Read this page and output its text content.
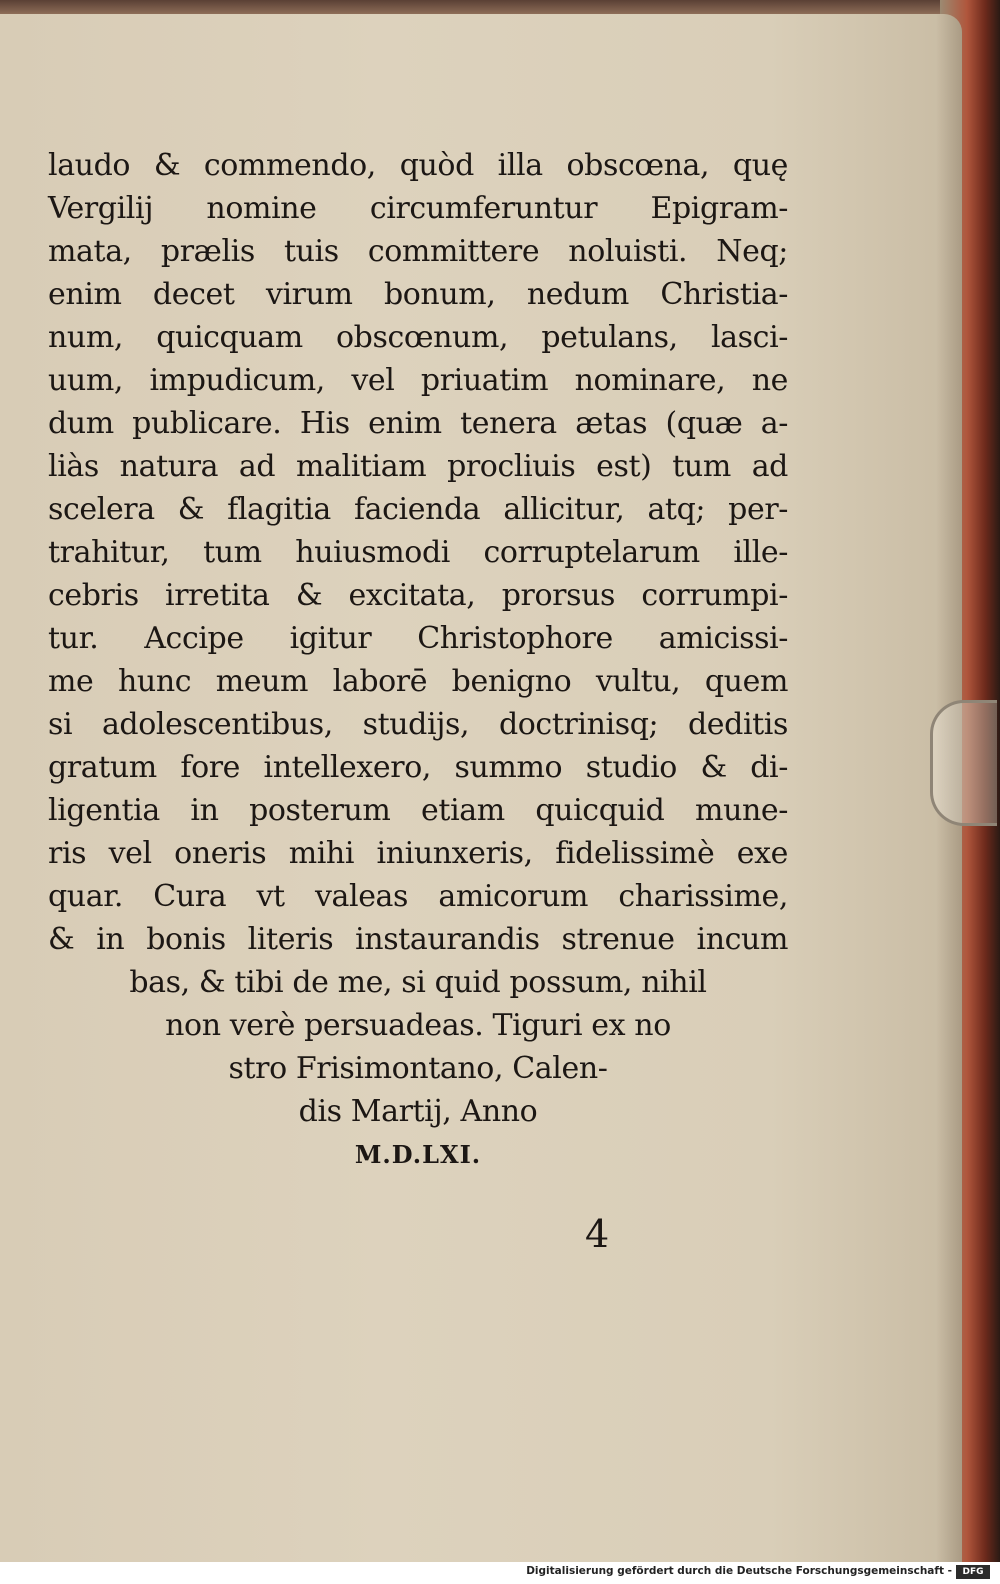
laudo & commendo, quòd illa obscœna, quę
Vergilij nomine circumferuntur Epigram-
mata, prælis tuis committere noluisti. Neq;
enim decet virum bonum, nedum Christia-
num, quicquam obscœnum, petulans, lasci-
uum, impudicum, vel priuatim nominare, ne
dum publicare. His enim tenera ætas (quæ a-
liàs natura ad malitiam procliuis est) tum ad
scelera & flagitia facienda allicitur, atq; per-
trahitur, tum huiusmodi corruptelarum ille-
cebris irretita & excitata, prorsus corrumpi-
tur. Accipe igitur Christophore amicissi-
me hunc meum laborē benigno vultu, quem
si adolescentibus, studijs, doctrinisq; deditis
gratum fore intellexero, summo studio & di-
ligentia in posterum etiam quicquid mune-
ris vel oneris mihi iniunxeris, fidelissimè exe
quar. Cura vt valeas amicorum charissime,
& in bonis literis instaurandis strenue incum
bas, & tibi de me, si quid possum, nihil
non verè persuadeas. Tiguri ex no
stro Frisimontano, Calen-
dis Martij, Anno
M.D.LXI.
4
Digitalisierung gefördert durch die Deutsche Forschungsgemeinschaft -	DFG
